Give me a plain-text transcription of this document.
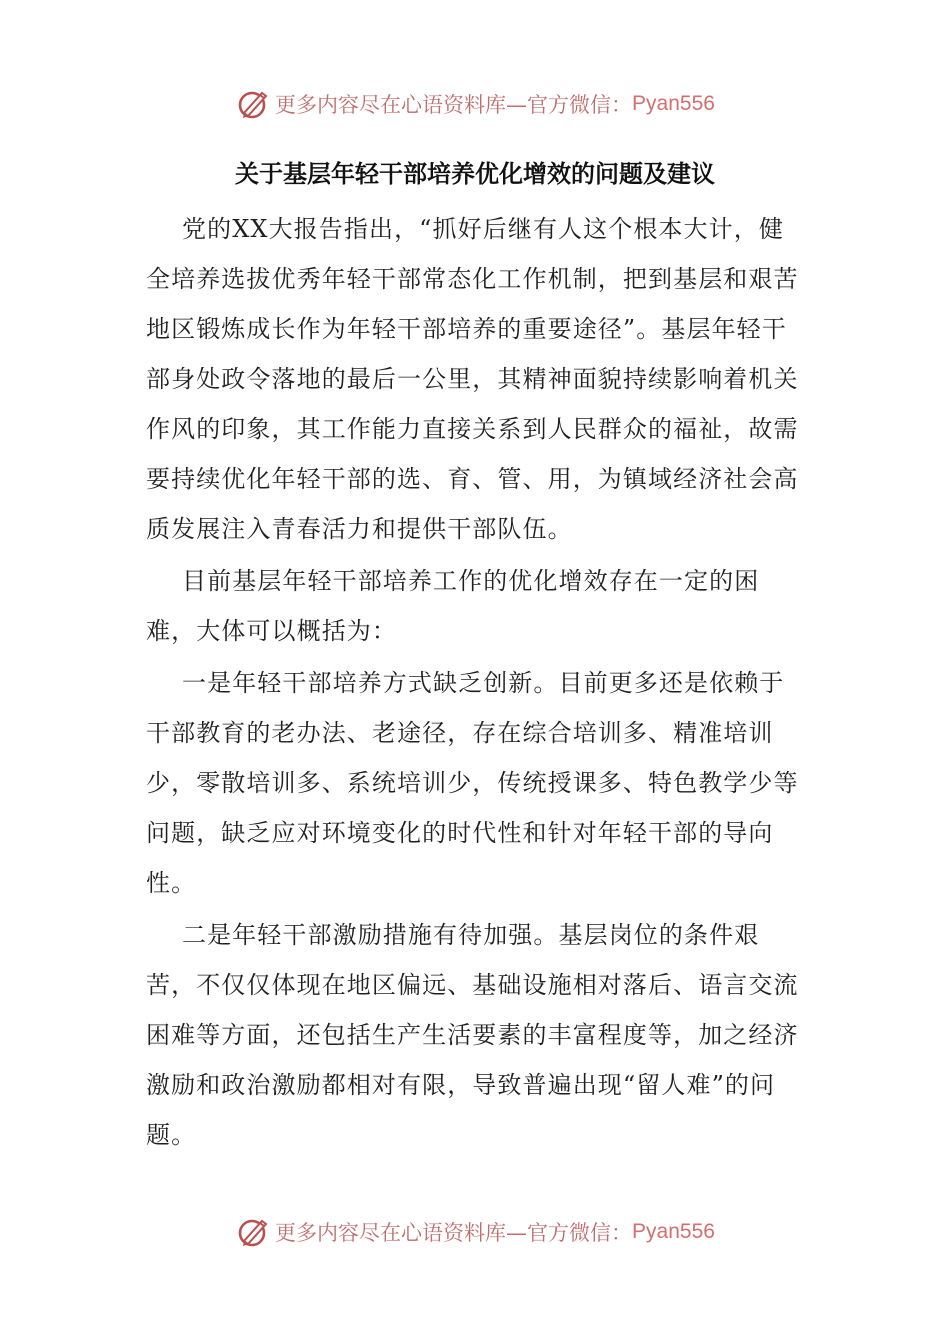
更多内容尽在心语资料库—官方微信： Pyan556
关于基层年轻干部培养优化增效的问题及建议

党的XX大报告指出，“抓好后继有人这个根本大计，健全培养选拔优秀年轻干部常态化工作机制，把到基层和艰苦地区锻炼成长作为年轻干部培养的重要途径”。基层年轻干部身处政令落地的最后一公里，其精神面貌持续影响着机关作风的印象，其工作能力直接关系到人民群众的福祉，故需要持续优化年轻干部的选、育、管、用，为镇域经济社会高质发展注入青春活力和提供干部队伍。

目前基层年轻干部培养工作的优化增效存在一定的困难，大体可以概括为：

一是年轻干部培养方式缺乏创新。目前更多还是依赖于干部教育的老办法、老途径，存在综合培训多、精准培训少，零散培训多、系统培训少，传统授课多、特色教学少等问题，缺乏应对环境变化的时代性和针对年轻干部的导向性。

二是年轻干部激励措施有待加强。基层岗位的条件艰苦，不仅仅体现在地区偏远、基础设施相对落后、语言交流困难等方面，还包括生产生活要素的丰富程度等，加之经济激励和政治激励都相对有限，导致普遍出现“留人难”的问题。

更多内容尽在心语资料库—官方微信： Pyan556
